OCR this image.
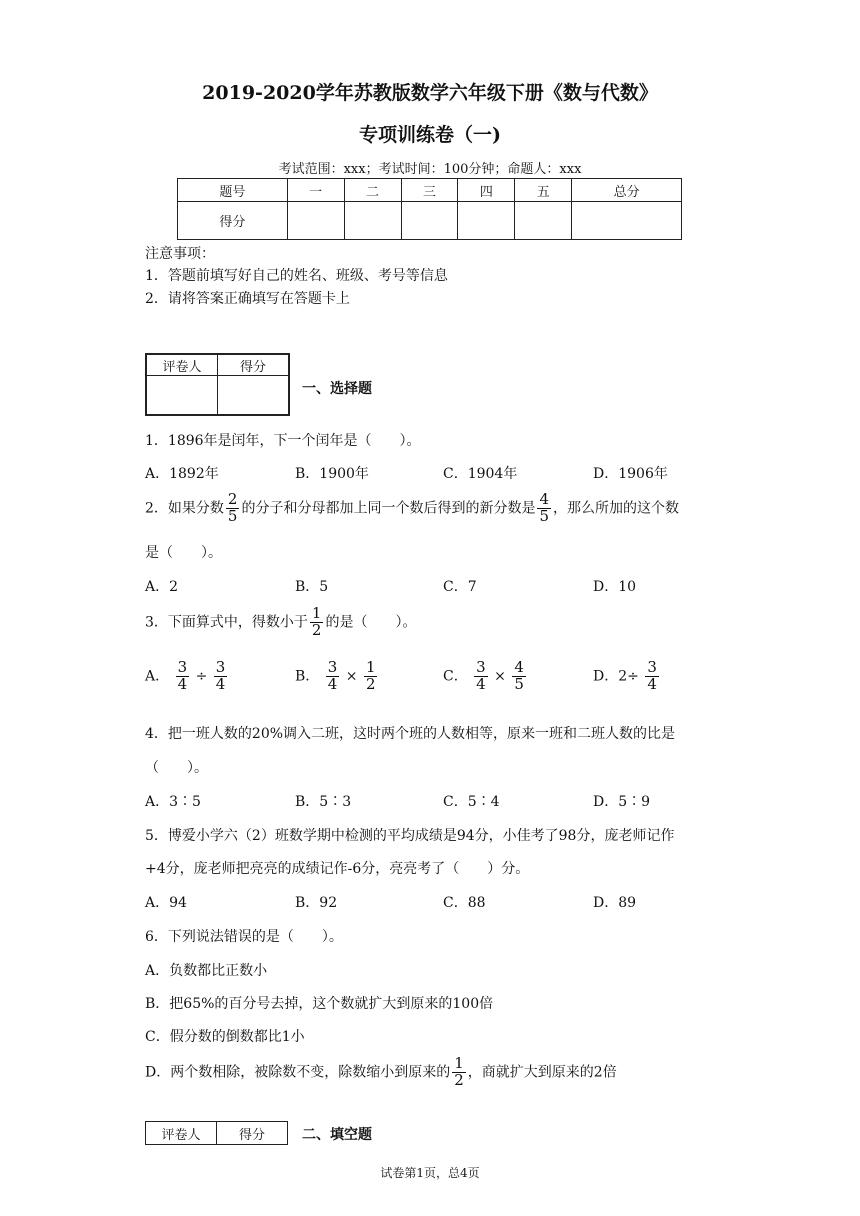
2019-2020学年苏教版数学六年级下册《数与代数》
专项训练卷（一)
考试范围：xxx；考试时间：100分钟；命题人：xxx
题号	一	二	三	四	五	总分
得分						
注意事项：
1．答题前填写好自己的姓名、班级、考号等信息
2．请将答案正确填写在答题卡上
评卷人	得分

一、选择题
1．1896年是闰年，下一个闰年是（　　）。
A．1892年	B．1900年	C．1904年	D．1906年
2．如果分数 $\frac{2}{5}$ 的分子和分母都加上同一个数后得到的新分数是 $\frac{4}{5}$ ，那么所加的这个数
是（　　）。
A．2	B．5	C．7	D．10
3．下面算式中，得数小于 $\frac{1}{2}$ 的是（　　）。
A． $\frac{3}{4} \div \frac{3}{4}$	B． $\frac{3}{4} \times \frac{1}{2}$	C． $\frac{3}{4} \times \frac{4}{5}$	D．$2\div \frac{3}{4}$
4．把一班人数的20%调入二班，这时两个班的人数相等，原来一班和二班人数的比是
（　　）。
A．3∶5	B．5∶3	C．5∶4	D．5∶9
5．博爱小学六（2）班数学期中检测的平均成绩是94分，小佳考了98分，庞老师记作
+4分，庞老师把亮亮的成绩记作-6分，亮亮考了（　　）分。
A．94	B．92	C．88	D．89
6．下列说法错误的是（　　）。
A．负数都比正数小
B．把65%的百分号去掉，这个数就扩大到原来的100倍
C．假分数的倒数都比1小
D．两个数相除，被除数不变，除数缩小到原来的 $\frac{1}{2}$ ，商就扩大到原来的2倍
评卷人	得分	二、填空题
试卷第1页，总4页
